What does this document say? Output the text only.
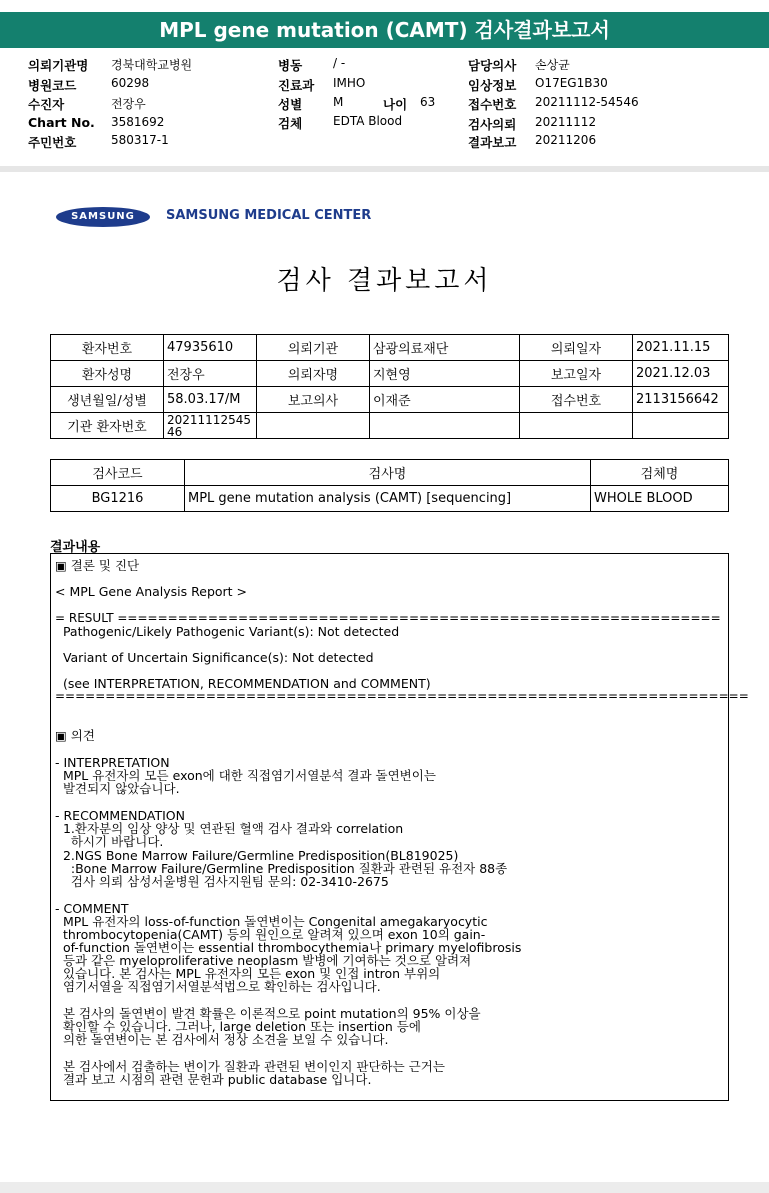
MPL gene mutation (CAMT) 검사결과보고서
의뢰기관명 경북대학교병원
병원코드	60298
수진자	전장우
Chart No. 3581692
주민번호	580317-1
병동	/ -
진료과 IMHO
성별	M	나이 63
검체	EDTA Blood
담당의사 손상균
임상정보 O17EG1B30
접수번호 20211112-54546
검사의뢰 20211112
결과보고 20211206
SAMSUNG	SAMSUNG MEDICAL CENTER
검사 결과보고서
환자번호	47935610	의뢰기관	삼광의료재단	의뢰일자	2021.11.15
환자성명	전장우	의뢰자명	지현영	보고일자	2021.12.03
생년월일/성별	58.03.17/M	보고의사	이재준	접수번호	2113156642
기관 환자번호	2021111254546				
검사코드	검사명	검체명
BG1216	MPL gene mutation analysis (CAMT) [sequencing]	WHOLE BLOOD
결과내용
▣ 결론 및 진단
< MPL Gene Analysis Report >
= RESULT ============================================================
Pathogenic/Likely Pathogenic Variant(s): Not detected
Variant of Uncertain Significance(s): Not detected
(see INTERPRETATION, RECOMMENDATION and COMMENT)
=====================================================================
▣ 의견
- INTERPRETATION
MPL 유전자의 모든 exon에 대한 직접염기서열분석 결과 돌연변이는
발견되지 않았습니다.
- RECOMMENDATION
1.환자분의 임상 양상 및 연관된 혈액 검사 결과와 correlation
하시기 바랍니다.
2.NGS Bone Marrow Failure/Germline Predisposition(BL819025)
:Bone Marrow Failure/Germline Predisposition 질환과 관련된 유전자 88종
검사 의뢰 삼성서울병원 검사지원팀 문의: 02-3410-2675
- COMMENT
MPL 유전자의 loss-of-function 돌연변이는 Congenital amegakaryocytic
thrombocytopenia(CAMT) 등의 원인으로 알려져 있으며 exon 10의 gain-
of-function 돌연변이는 essential thrombocythemia나 primary myelofibrosis
등과 같은 myeloproliferative neoplasm 발병에 기여하는 것으로 알려져
있습니다. 본 검사는 MPL 유전자의 모든 exon 및 인접 intron 부위의
염기서열을 직접염기서열분석법으로 확인하는 검사입니다.
본 검사의 돌연변이 발견 확률은 이론적으로 point mutation의 95% 이상을
확인할 수 있습니다. 그러나, large deletion 또는 insertion 등에
의한 돌연변이는 본 검사에서 정상 소견을 보일 수 있습니다.
본 검사에서 검출하는 변이가 질환과 관련된 변이인지 판단하는 근거는
결과 보고 시점의 관련 문헌과 public database 입니다.
